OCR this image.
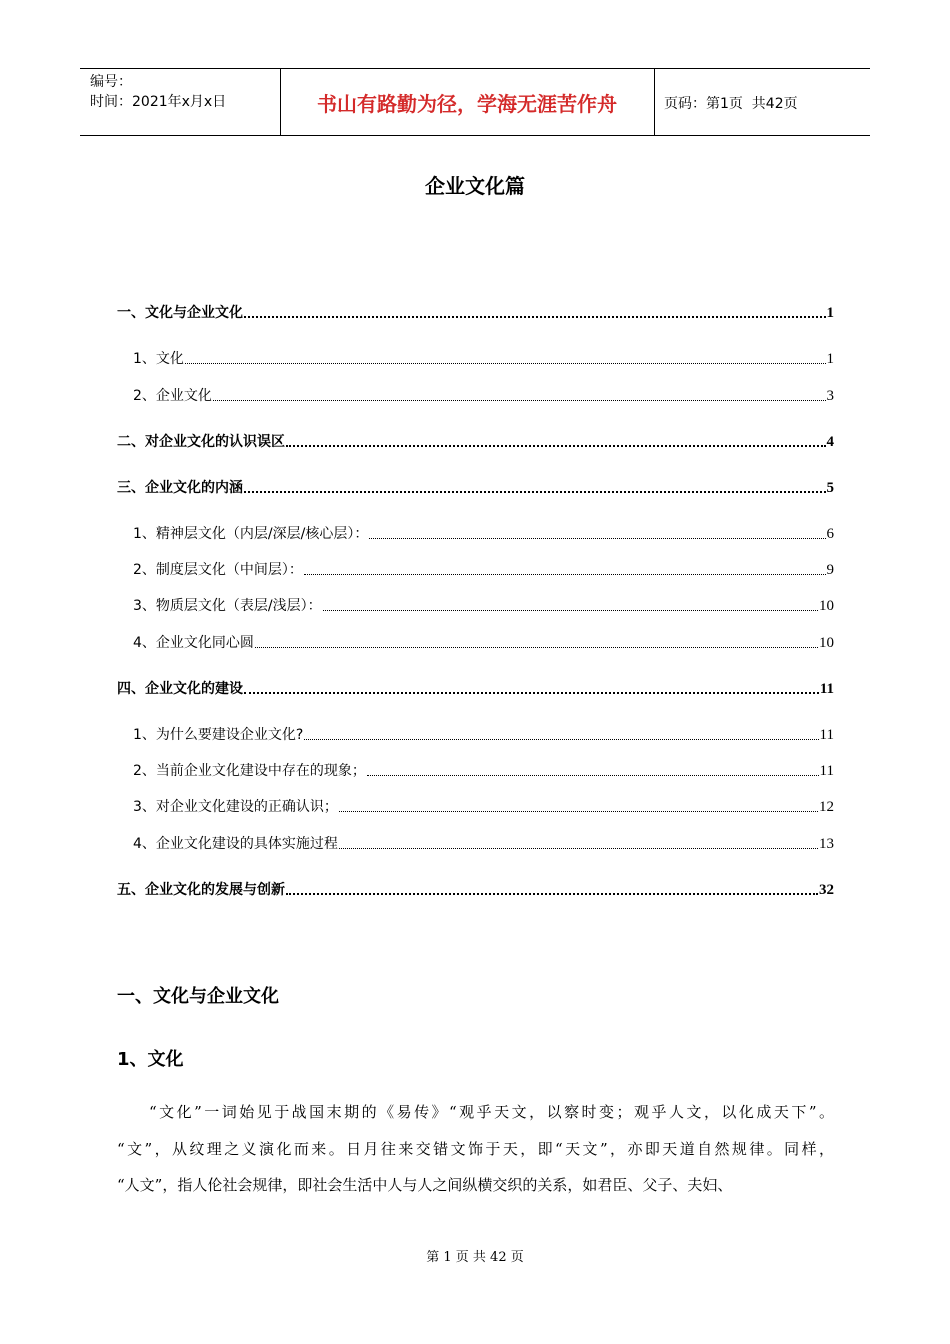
编号：
时间：2021年x月x日	书山有路勤为径，学海无涯苦作舟	页码：第1页  共42页
企业文化篇
一、文化与企业文化	1
1、文化	1
2、企业文化	3
二、对企业文化的认识误区	4
三、企业文化的内涵	5
1、精神层文化（内层/深层/核心层）：	6
2、制度层文化（中间层）：	9
3、物质层文化（表层/浅层）：	10
4、企业文化同心圆	10
四、企业文化的建设	11
1、为什么要建设企业文化?	11
2、当前企业文化建设中存在的现象；	11
3、对企业文化建设的正确认识；	12
4、企业文化建设的具体实施过程	13
五、企业文化的发展与创新	32
一、文化与企业文化
1、文化
“文化”一词始见于战国末期的《易传》“观乎天文，以察时变；观乎人文，以化成天下”。
“文”，从纹理之义演化而来。日月往来交错文饰于天，即“天文”，亦即天道自然规律。同样，
“人文”，指人伦社会规律，即社会生活中人与人之间纵横交织的关系，如君臣、父子、夫妇、
第 1 页 共 42 页
